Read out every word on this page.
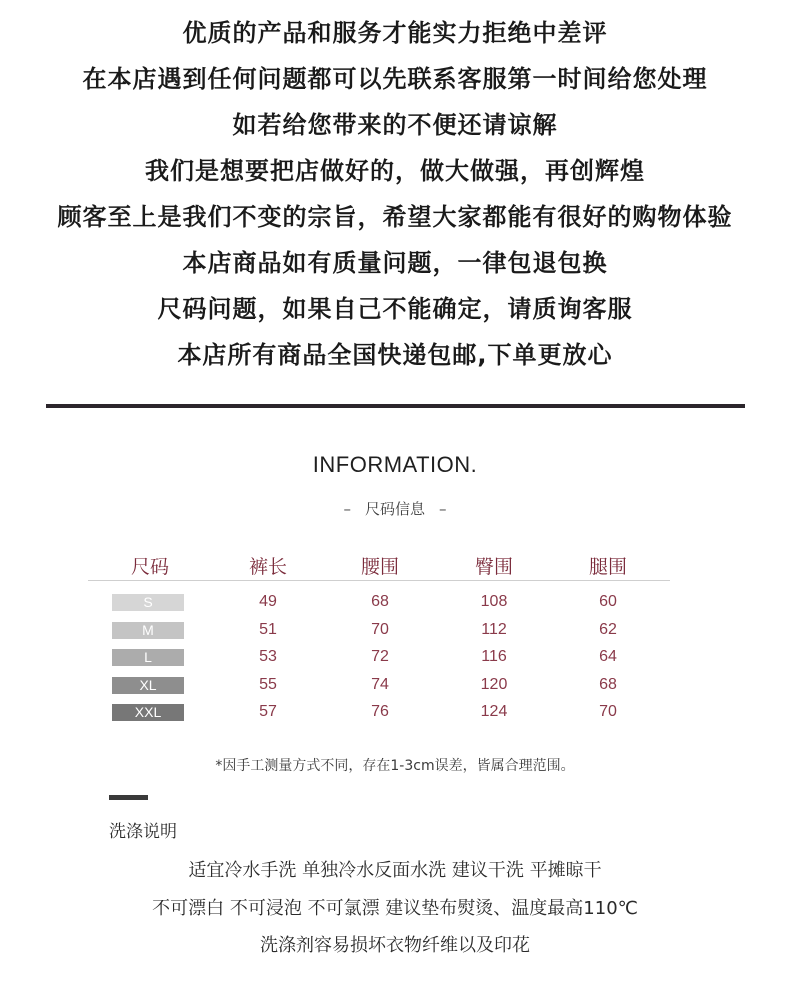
优质的产品和服务才能实力拒绝中差评
在本店遇到任何问题都可以先联系客服第一时间给您处理
如若给您带来的不便还请谅解
我们是想要把店做好的，做大做强，再创辉煌
顾客至上是我们不变的宗旨，希望大家都能有很好的购物体验
本店商品如有质量问题，一律包退包换
尺码问题，如果自己不能确定，请质询客服
本店所有商品全国快递包邮,下单更放心
INFORMATION.
– 尺码信息 –
尺码	裤长	腰围	臀围	腿围
S	49	68	108	60
M	51	70	112	62
L	53	72	116	64
XL	55	74	120	68
XXL	57	76	124	70
*因手工测量方式不同，存在1-3cm误差，皆属合理范围。
洗涤说明
适宜冷水手洗 单独冷水反面水洗 建议干洗 平摊晾干
不可漂白 不可浸泡 不可氯漂 建议垫布熨烫、温度最高110℃
洗涤剂容易损坏衣物纤维以及印花
